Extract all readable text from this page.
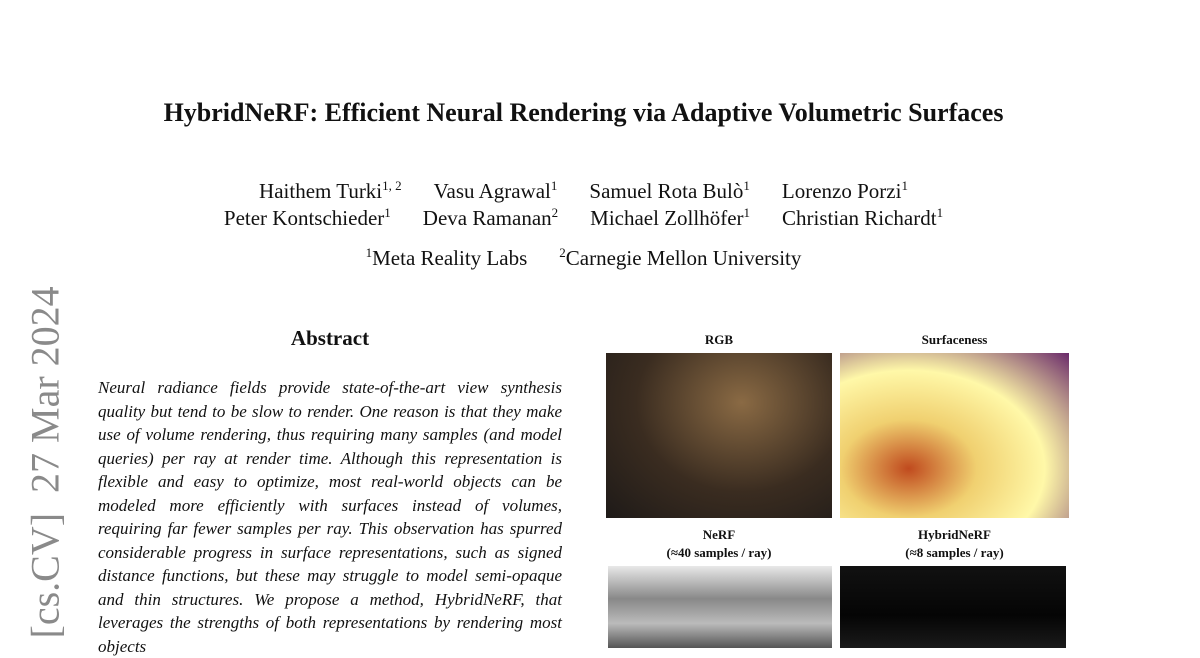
[cs.CV]  27 Mar 2024
HybridNeRF: Efficient Neural Rendering via Adaptive Volumetric Surfaces
Haithem Turki$^{1, 2}$ Vasu Agrawal$^1$ Samuel Rota Bulò$^1$ Lorenzo Porzi$^1$
Peter Kontschieder$^1$ Deva Ramanan$^2$ Michael Zollhöfer$^1$ Christian Richardt$^1$
$^1$Meta Reality Labs $^2$Carnegie Mellon University
Abstract
Neural radiance fields provide state-of-the-art view synthesis quality but tend to be slow to render. One reason is that they make use of volume rendering, thus requiring many samples (and model queries) per ray at render time. Although this representation is flexible and easy to optimize, most real-world objects can be modeled more efficiently with surfaces instead of volumes, requiring far fewer samples per ray. This observation has spurred considerable progress in surface representations, such as signed distance functions, but these may struggle to model semi-opaque and thin structures. We propose a method, HybridNeRF, that leverages the strengths of both representations by rendering most objects
RGB	Surfaceness
NeRF
(≈40 samples / ray)
HybridNeRF
(≈8 samples / ray)
